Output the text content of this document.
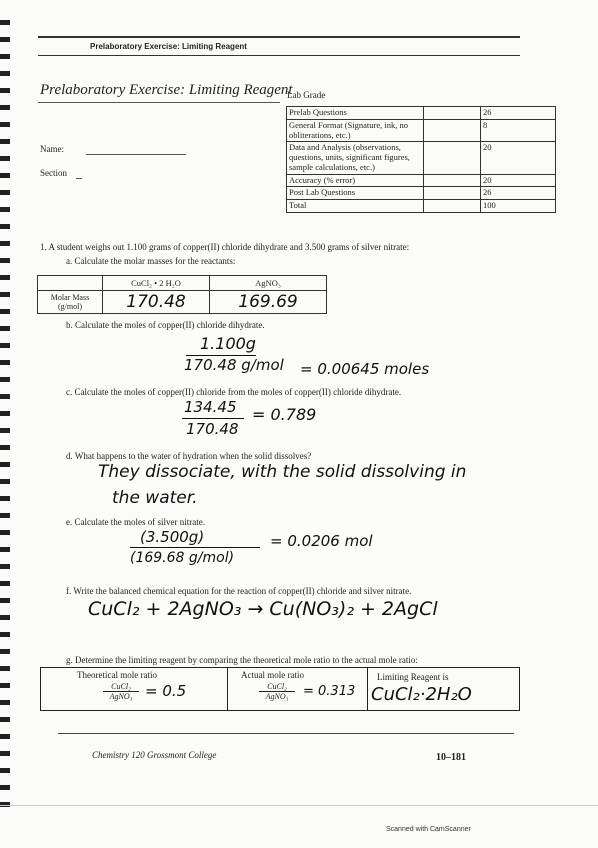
Prelaboratory Exercise: Limiting Reagent
Prelaboratory Exercise: Limiting Reagent
Lab Grade
Prelab Questions		26
General Format (Signature, ink, no obliterations, etc.)		8
Data and Analysis (observations, questions, units, significant figures, sample calculations, etc.)		20
Accuracy (% error)		20
Post Lab Questions		26
Total		100
Name:
Section
1. A student weighs out 1.100 grams of copper(II) chloride dihydrate and 3.500 grams of silver nitrate:
a. Calculate the molar masses for the reactants:
	CuCl₂ • 2 H₂O	AgNO₃
Molar Mass (g/mol)	170.48	169.69
b. Calculate the moles of copper(II) chloride dihydrate.
1.100g
170.48 g/mol = 0.00645 moles
c. Calculate the moles of copper(II) chloride from the moles of copper(II) chloride dihydrate.
134.45
170.48
= 0.789
d. What happens to the water of hydration when the solid dissolves?
They dissociate, with the solid dissolving in
the water.
e. Calculate the moles of silver nitrate.
(3.500g)
(169.68 g/mol)
= 0.0206 mol
f. Write the balanced chemical equation for the reaction of copper(II) chloride and silver nitrate.
CuCl₂ + 2AgNO₃ → Cu(NO₃)₂ + 2AgCl
g. Determine the limiting reagent by comparing the theoretical mole ratio to the actual mole ratio:
Theoretical mole ratio
CuCl₂
AgNO₃ = 0.5
Actual mole ratio
CuCl₂
AgNO₃	= 0.313
Limiting Reagent is
CuCl₂·2H₂O
Chemistry 120 Grossmont College	10–181
Scanned with CamScanner
